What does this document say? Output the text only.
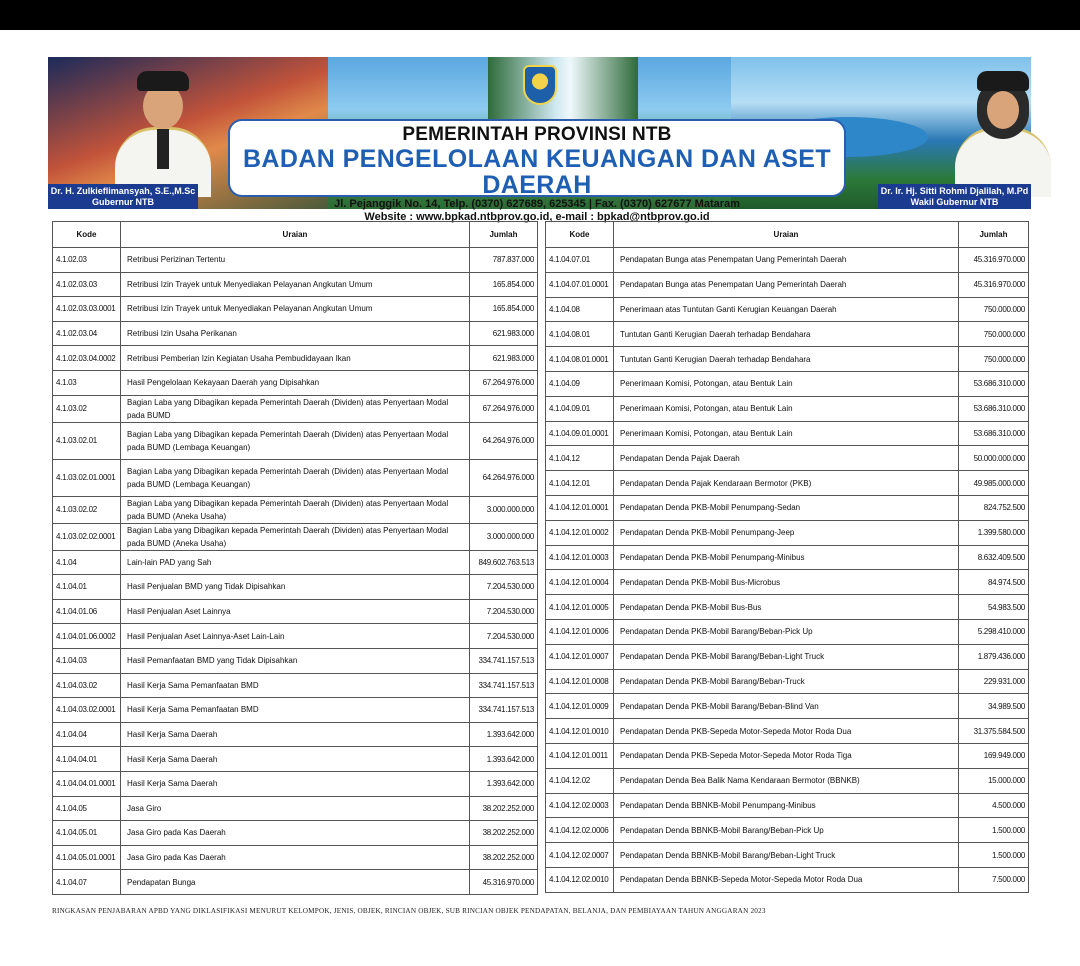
Dr. H. Zulkieflimansyah, S.E.,M.Sc
Gubernur NTB
Dr. Ir. Hj. Sitti Rohmi Djalilah, M.Pd
Wakil Gubernur NTB
PEMERINTAH PROVINSI NTB
BADAN PENGELOLAAN KEUANGAN DAN ASET DAERAH
Jl. Pejanggik No. 14, Telp. (0370) 627689, 625345 | Fax. (0370) 627677 Mataram
Website : www.bpkad.ntbprov.go.id, e-mail : bpkad@ntbprov.go.id
Kode	Uraian	Jumlah
4.1.02.03	Retribusi Perizinan Tertentu	787.837.000
4.1.02.03.03	Retribusi Izin Trayek untuk Menyediakan Pelayanan Angkutan Umum	165.854.000
4.1.02.03.03.0001	Retribusi Izin Trayek untuk Menyediakan Pelayanan Angkutan Umum	165.854.000
4.1.02.03.04	Retribusi Izin Usaha Perikanan	621.983.000
4.1.02.03.04.0002	Retribusi Pemberian Izin Kegiatan Usaha Pembudidayaan Ikan	621.983.000
4.1.03	Hasil Pengelolaan Kekayaan Daerah yang Dipisahkan	67.264.976.000
4.1.03.02	Bagian Laba yang Dibagikan kepada Pemerintah Daerah (Dividen) atas Penyertaan Modal pada BUMD	67.264.976.000
4.1.03.02.01	Bagian Laba yang Dibagikan kepada Pemerintah Daerah (Dividen) atas Penyertaan Modal pada BUMD (Lembaga Keuangan)	64.264.976.000
4.1.03.02.01.0001	Bagian Laba yang Dibagikan kepada Pemerintah Daerah (Dividen) atas Penyertaan Modal pada BUMD (Lembaga Keuangan)	64.264.976.000
4.1.03.02.02	Bagian Laba yang Dibagikan kepada Pemerintah Daerah (Dividen) atas Penyertaan Modal pada BUMD (Aneka Usaha)	3.000.000.000
4.1.03.02.02.0001	Bagian Laba yang Dibagikan kepada Pemerintah Daerah (Dividen) atas Penyertaan Modal pada BUMD (Aneka Usaha)	3.000.000.000
4.1.04	Lain-lain PAD yang Sah	849.602.763.513
4.1.04.01	Hasil Penjualan BMD yang Tidak Dipisahkan	7.204.530.000
4.1.04.01.06	Hasil Penjualan Aset Lainnya	7.204.530.000
4.1.04.01.06.0002	Hasil Penjualan Aset Lainnya-Aset Lain-Lain	7.204.530.000
4.1.04.03	Hasil Pemanfaatan BMD yang Tidak Dipisahkan	334.741.157.513
4.1.04.03.02	Hasil Kerja Sama Pemanfaatan BMD	334.741.157.513
4.1.04.03.02.0001	Hasil Kerja Sama Pemanfaatan BMD	334.741.157.513
4.1.04.04	Hasil Kerja Sama Daerah	1.393.642.000
4.1.04.04.01	Hasil Kerja Sama Daerah	1.393.642.000
4.1.04.04.01.0001	Hasil Kerja Sama Daerah	1.393.642.000
4.1.04.05	Jasa Giro	38.202.252.000
4.1.04.05.01	Jasa Giro pada Kas Daerah	38.202.252.000
4.1.04.05.01.0001	Jasa Giro pada Kas Daerah	38.202.252.000
4.1.04.07	Pendapatan Bunga	45.316.970.000
Kode	Uraian	Jumlah
4.1.04.07.01	Pendapatan Bunga atas Penempatan Uang Pemerintah Daerah	45.316.970.000
4.1.04.07.01.0001	Pendapatan Bunga atas Penempatan Uang Pemerintah Daerah	45.316.970.000
4.1.04.08	Penerimaan atas Tuntutan Ganti Kerugian Keuangan Daerah	750.000.000
4.1.04.08.01	Tuntutan Ganti Kerugian Daerah terhadap Bendahara	750.000.000
4.1.04.08.01.0001	Tuntutan Ganti Kerugian Daerah terhadap Bendahara	750.000.000
4.1.04.09	Penerimaan Komisi, Potongan, atau Bentuk Lain	53.686.310.000
4.1.04.09.01	Penerimaan Komisi, Potongan, atau Bentuk Lain	53.686.310.000
4.1.04.09.01.0001	Penerimaan Komisi, Potongan, atau Bentuk Lain	53.686.310.000
4.1.04.12	Pendapatan Denda Pajak Daerah	50.000.000.000
4.1.04.12.01	Pendapatan Denda Pajak Kendaraan Bermotor (PKB)	49.985.000.000
4.1.04.12.01.0001	Pendapatan Denda PKB-Mobil Penumpang-Sedan	824.752.500
4.1.04.12.01.0002	Pendapatan Denda PKB-Mobil Penumpang-Jeep	1.399.580.000
4.1.04.12.01.0003	Pendapatan Denda PKB-Mobil Penumpang-Minibus	8.632.409.500
4.1.04.12.01.0004	Pendapatan Denda PKB-Mobil Bus-Microbus	84.974.500
4.1.04.12.01.0005	Pendapatan Denda PKB-Mobil Bus-Bus	54.983.500
4.1.04.12.01.0006	Pendapatan Denda PKB-Mobil Barang/Beban-Pick Up	5.298.410.000
4.1.04.12.01.0007	Pendapatan Denda PKB-Mobil Barang/Beban-Light Truck	1.879.436.000
4.1.04.12.01.0008	Pendapatan Denda PKB-Mobil Barang/Beban-Truck	229.931.000
4.1.04.12.01.0009	Pendapatan Denda PKB-Mobil Barang/Beban-Blind Van	34.989.500
4.1.04.12.01.0010	Pendapatan Denda PKB-Sepeda Motor-Sepeda Motor Roda Dua	31.375.584.500
4.1.04.12.01.0011	Pendapatan Denda PKB-Sepeda Motor-Sepeda Motor Roda Tiga	169.949.000
4.1.04.12.02	Pendapatan Denda Bea Balik Nama Kendaraan Bermotor (BBNKB)	15.000.000
4.1.04.12.02.0003	Pendapatan Denda BBNKB-Mobil Penumpang-Minibus	4.500.000
4.1.04.12.02.0006	Pendapatan Denda BBNKB-Mobil Barang/Beban-Pick Up	1.500.000
4.1.04.12.02.0007	Pendapatan Denda BBNKB-Mobil Barang/Beban-Light Truck	1.500.000
4.1.04.12.02.0010	Pendapatan Denda BBNKB-Sepeda Motor-Sepeda Motor Roda Dua	7.500.000
RINGKASAN PENJABARAN APBD YANG DIKLASIFIKASI MENURUT KELOMPOK, JENIS, OBJEK, RINCIAN OBJEK, SUB RINCIAN OBJEK PENDAPATAN, BELANJA, DAN PEMBIAYAAN TAHUN ANGGARAN 2023
